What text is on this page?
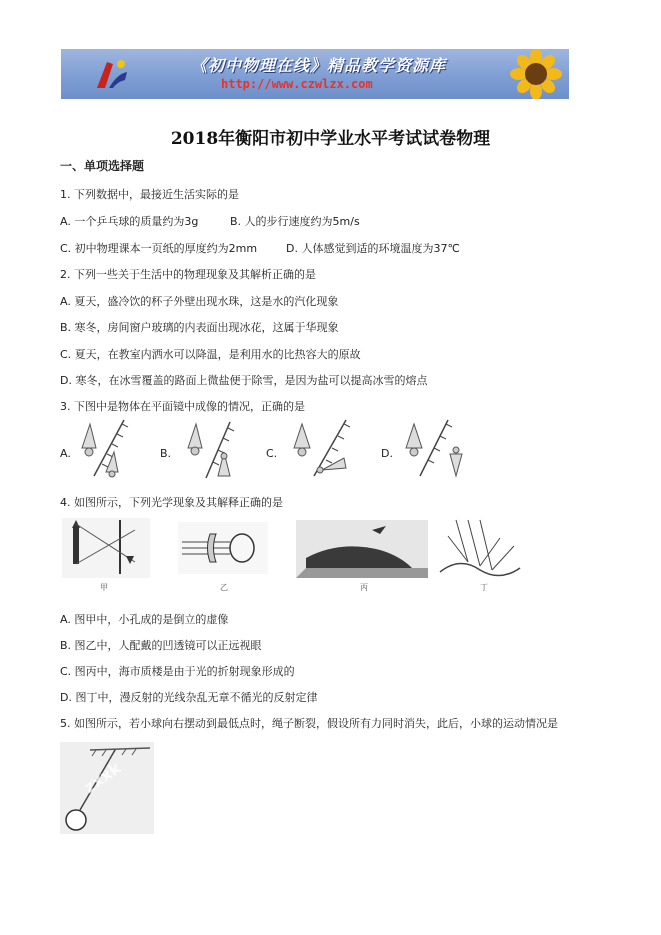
《初中物理在线》精品教学资源库
http://www.czwlzx.com
2018年衡阳市初中学业水平考试试卷物理
一、单项选择题
1. 下列数据中，最接近生活实际的是
A. 一个乒乓球的质量约为3g	B. 人的步行速度约为5m/s
C. 初中物理课本一页纸的厚度约为2mm	D. 人体感觉到适的环境温度为37℃
2. 下列一些关于生活中的物理现象及其解析正确的是
A. 夏天，盛冷饮的杯子外壁出现水珠，这是水的汽化现象
B. 寒冬，房间窗户玻璃的内表面出现冰花，这属于华现象
C. 夏天，在教室内洒水可以降温，是利用水的比热容大的原故
D. 寒冬，在冰雪覆盖的路面上微盐便于除雪，是因为盐可以提高冰雪的熔点
3. 下图中是物体在平面镜中成像的情况，正确的是
A.	B.	C.	D.
4. 如图所示，下列光学现象及其解释正确的是
甲	乙	丙	丁
A. 图甲中，小孔成的是倒立的虚像
B. 图乙中，人配戴的凹透镜可以正远视眼
C. 图丙中，海市质楼是由于光的折射现象形成的
D. 图丁中，漫反射的光线杂乱无章不循光的反射定律
5. 如图所示，若小球向右摆动到最低点时，绳子断裂，假设所有力同时消失，此后，小球的运动情况是
zxxk
